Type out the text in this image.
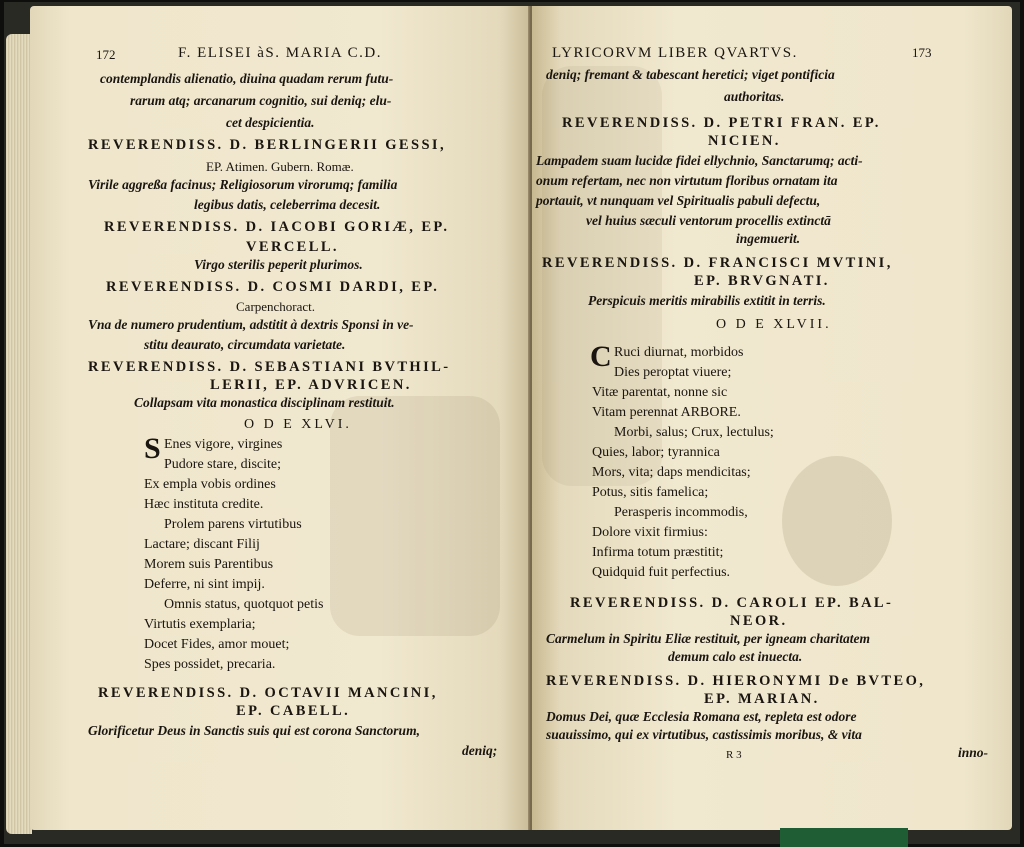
172	F. ELISEI àS. MARIA C.D.
contemplandis alienatio, diuina quadam rerum futu-
rarum atq; arcanarum cognitio, sui deniq; elu-
cet despicientia.
REVERENDISS. D. BERLINGERII GESSI,
EP. Atimen. Gubern. Romæ.
Virile aggreßa facinus; Religiosorum virorumq; familia
legibus datis, celeberrima decesit.
REVERENDISS. D. IACOBI GORIÆ, EP.
VERCELL.
Virgo sterilis peperit plurimos.
REVERENDISS. D. COSMI DARDI, EP.
Carpenchoract.
Vna de numero prudentium, adstitit à dextris Sponsi in ve-
stitu deaurato, circumdata varietate.
REVERENDISS. D. SEBASTIANI BVTHIL-
LERII, EP. ADVRICEN.
Collapsam vita monastica disciplinam restituit.
O D E XLVI.
S Enes vigore, virgines
Pudore stare, discite;
Ex empla vobis ordines
Hæc instituta credite.
Prolem parens virtutibus
Lactare; discant Filij
Morem suis Parentibus
Deferre, ni sint impij.
Omnis status, quotquot petis
Virtutis exemplaria;
Docet Fides, amor mouet;
Spes possidet, precaria.
REVERENDISS. D. OCTAVII MANCINI,
EP. CABELL.
Glorificetur Deus in Sanctis suis qui est corona Sanctorum,
deniq;
LYRICORVM LIBER QVARTVS.	173
deniq; fremant & tabescant heretici; viget pontificia
authoritas.
REVERENDISS. D. PETRI FRAN. EP.
NICIEN.
Lampadem suam lucidæ fidei ellychnio, Sanctarumq; acti-
onum refertam, nec non virtutum floribus ornatam ita
portauit, vt nunquam vel Spiritualis pabuli defectu,
vel huius sæculi ventorum procellis extinctā
ingemuerit.
REVERENDISS. D. FRANCISCI MVTINI,
EP. BRVGNATI.
Perspicuis meritis mirabilis extitit in terris.
O D E XLVII.
C Ruci diurnat, morbidos
Dies peroptat viuere;
Vitæ parentat, nonne sic
Vitam perennat ARBORE.
Morbi, salus; Crux, lectulus;
Quies, labor; tyrannica
Mors, vita; daps mendicitas;
Potus, sitis famelica;
Perasperis incommodis,
Dolore vixit firmius:
Infirma totum præstitit;
Quidquid fuit perfectius.
REVERENDISS. D. CAROLI EP. BAL-
NEOR.
Carmelum in Spiritu Eliæ restituit, per igneam charitatem
demum calo est inuecta.
REVERENDISS. D. HIERONYMI De BVTEO,
EP. MARIAN.
Domus Dei, quæ Ecclesia Romana est, repleta est odore
suauissimo, qui ex virtutibus, castissimis moribus, & vita
inno-
R 3
